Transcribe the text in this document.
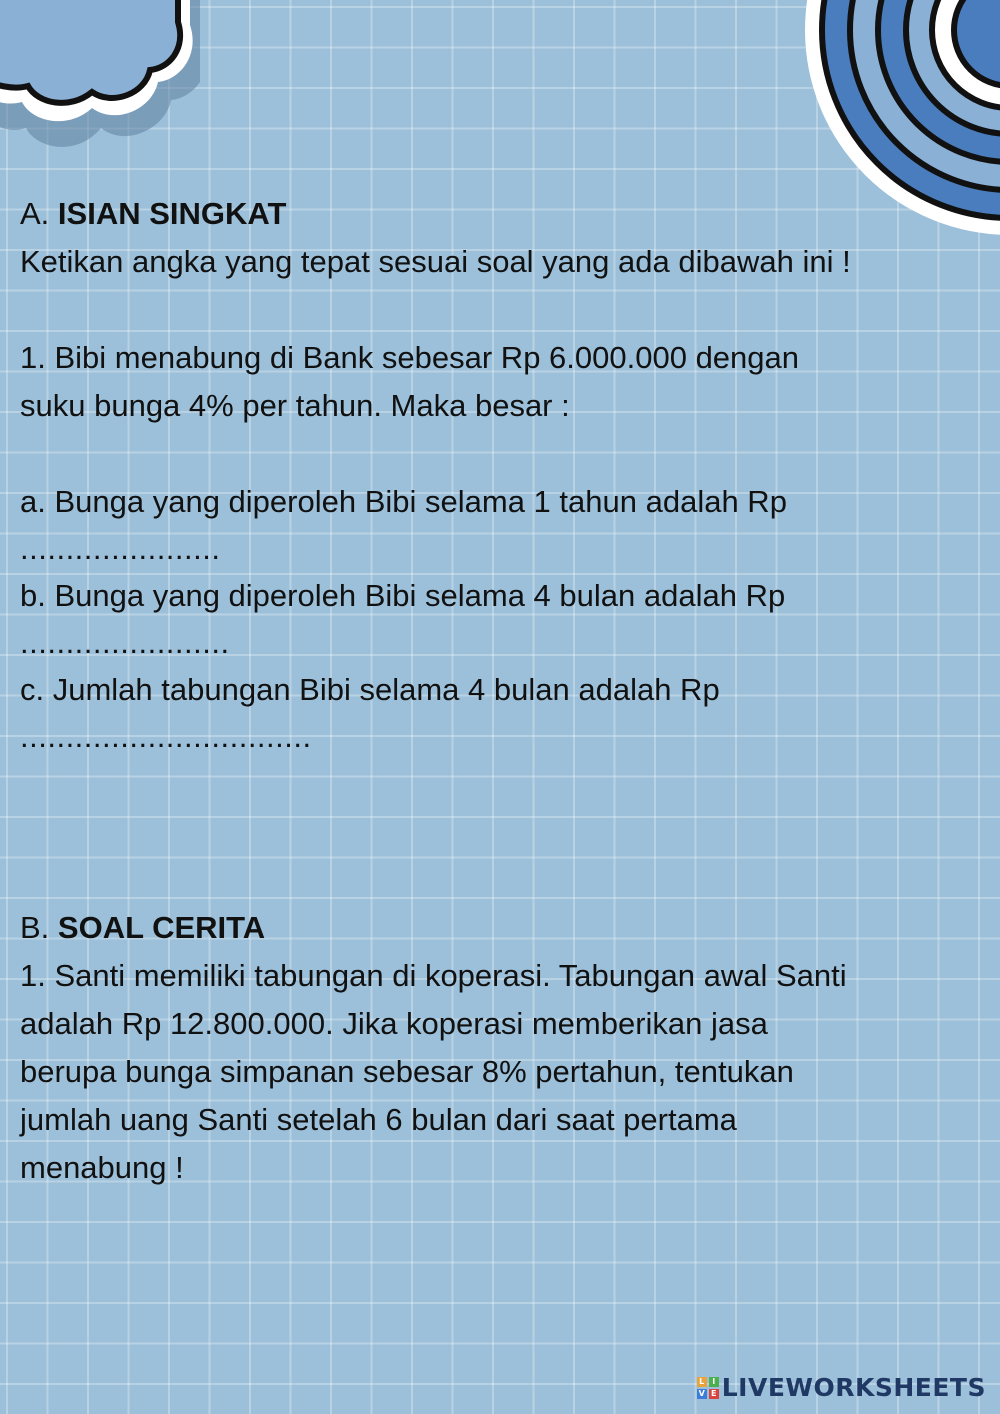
A. ISIAN SINGKAT
Ketikan angka yang tepat sesuai soal yang ada dibawah ini !
1. Bibi menabung di Bank sebesar Rp 6.000.000 dengan
suku bunga 4% per tahun. Maka besar :
a. Bunga yang diperoleh Bibi selama 1 tahun adalah Rp
......................
b. Bunga yang diperoleh Bibi selama 4 bulan adalah Rp
.......................
c. Jumlah tabungan Bibi selama 4 bulan adalah Rp
................................
B. SOAL CERITA
1. Santi memiliki tabungan di koperasi. Tabungan awal Santi
adalah Rp 12.800.000. Jika koperasi memberikan jasa
berupa bunga simpanan sebesar 8% pertahun, tentukan
jumlah uang Santi setelah 6 bulan dari saat pertama
menabung !
L I
V E LIVEWORKSHEETS
